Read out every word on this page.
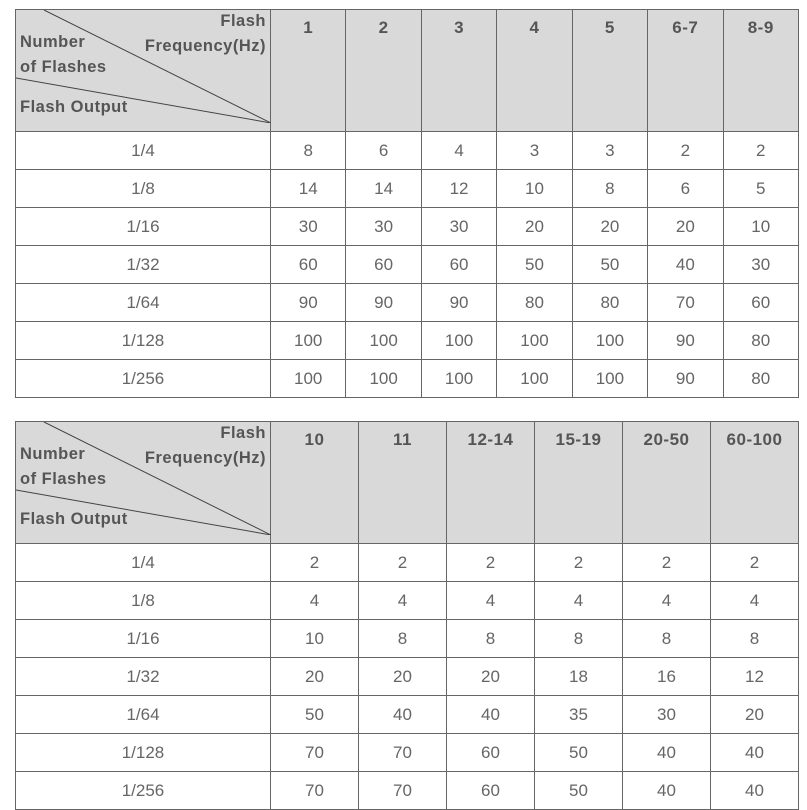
Flash
Frequency(Hz)
Number
of Flashes
Flash Output	1	2	3	4	5	6-7	8-9
1/4	8	6	4	3	3	2	2
1/8	14	14	12	10	8	6	5
1/16	30	30	30	20	20	20	10
1/32	60	60	60	50	50	40	30
1/64	90	90	90	80	80	70	60
1/128	100	100	100	100	100	90	80
1/256	100	100	100	100	100	90	80
Flash
Frequency(Hz)
Number
of Flashes
Flash Output	10	11	12-14	15-19	20-50	60-100
1/4	2	2	2	2	2	2
1/8	4	4	4	4	4	4
1/16	10	8	8	8	8	8
1/32	20	20	20	18	16	12
1/64	50	40	40	35	30	20
1/128	70	70	60	50	40	40
1/256	70	70	60	50	40	40
